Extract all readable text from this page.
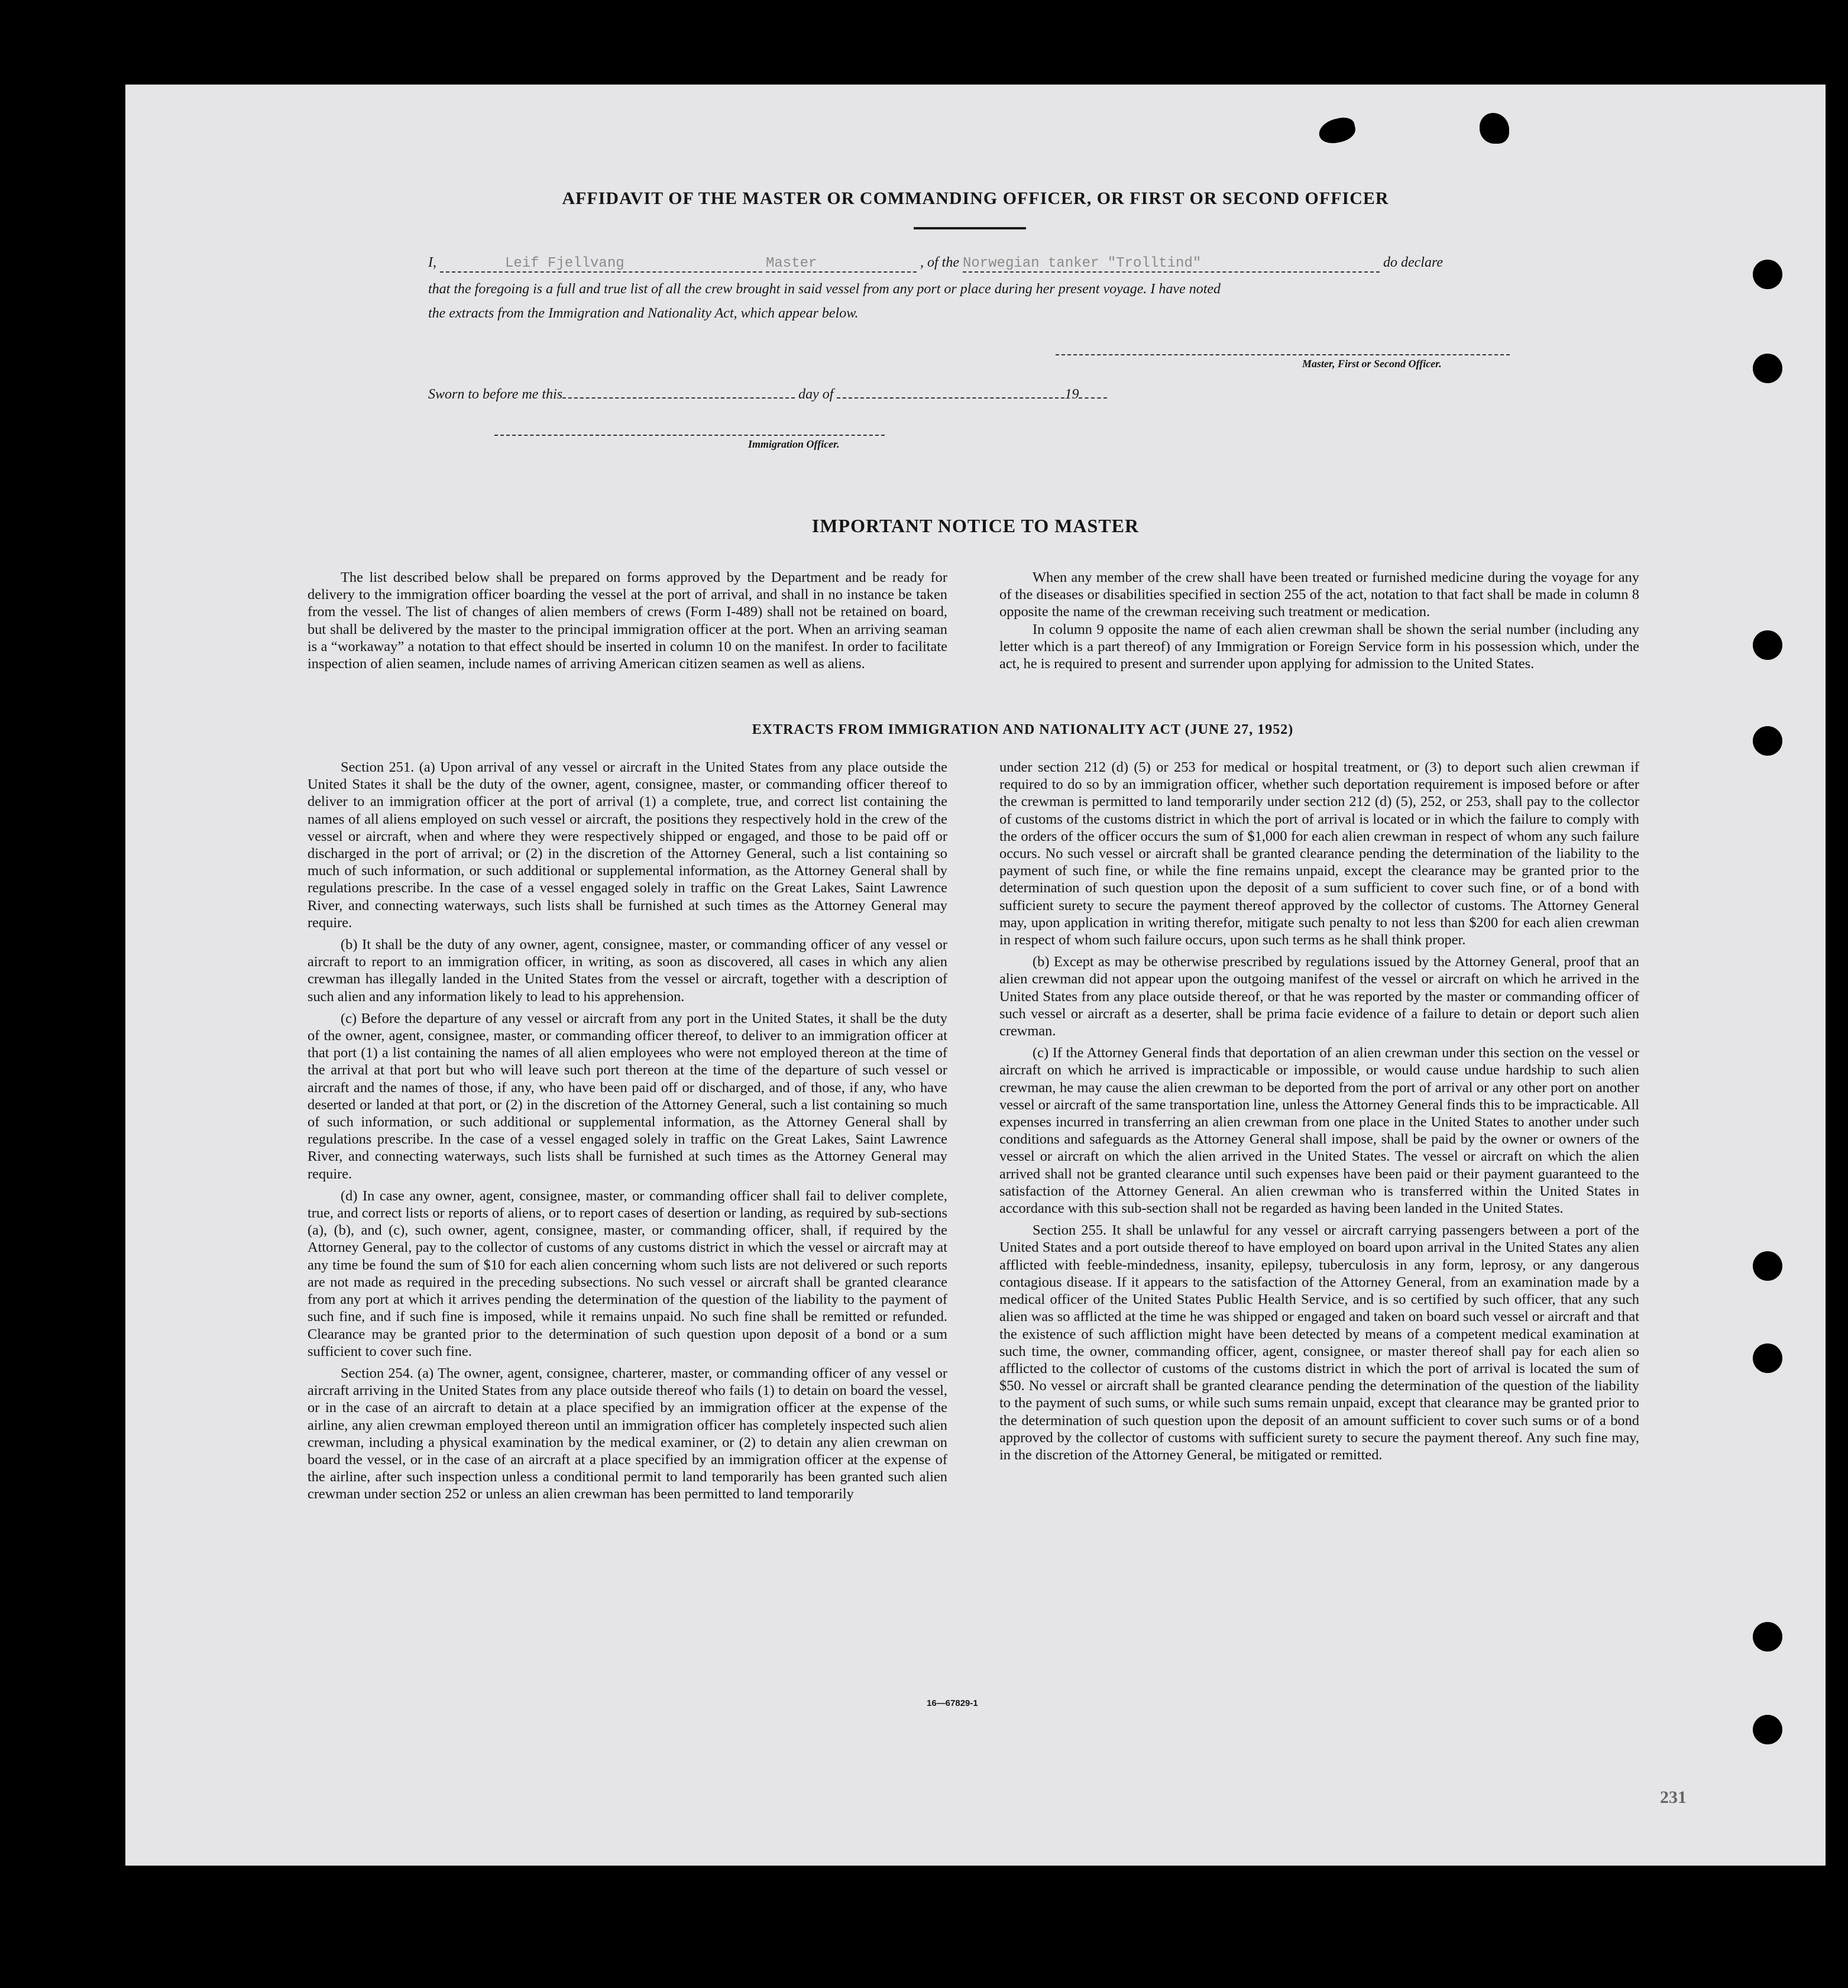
AFFIDAVIT OF THE MASTER OR COMMANDING OFFICER, OR FIRST OR SECOND OFFICER
I,	Leif Fjellvang	Master	, of the Norwegian tanker "Trolltind"	do declare
that the foregoing is a full and true list of all the crew brought in said vessel from any port or place during her present voyage. I have noted
the extracts from the Immigration and Nationality Act, which appear below.
Master, First or Second Officer.
Sworn to before me this	day of	19
Immigration Officer.
IMPORTANT NOTICE TO MASTER

The list described below shall be prepared on forms approved by the Department and be ready for delivery to the immigration officer boarding the vessel at the port of arrival, and shall in no instance be taken from the vessel. The list of changes of alien members of crews (Form I-489) shall not be retained on board, but shall be delivered by the master to the principal immigration officer at the port. When an arriving seaman is a “workaway” a notation to that effect should be inserted in column 10 on the manifest. In order to facilitate inspection of alien seamen, include names of arriving American citizen seamen as well as aliens.

When any member of the crew shall have been treated or furnished medicine during the voyage for any of the diseases or disabilities specified in section 255 of the act, notation to that fact shall be made in column 8 opposite the name of the crewman receiving such treatment or medication.

In column 9 opposite the name of each alien crewman shall be shown the serial number (including any letter which is a part thereof) of any Immigration or Foreign Service form in his possession which, under the act, he is required to present and surrender upon applying for admission to the United States.

EXTRACTS FROM IMMIGRATION AND NATIONALITY ACT (JUNE 27, 1952)

Section 251. (a) Upon arrival of any vessel or aircraft in the United States from any place outside the United States it shall be the duty of the owner, agent, consignee, master, or commanding officer thereof to deliver to an immigration officer at the port of arrival (1) a complete, true, and correct list containing the names of all aliens employed on such vessel or aircraft, the positions they respectively hold in the crew of the vessel or aircraft, when and where they were respectively shipped or engaged, and those to be paid off or discharged in the port of arrival; or (2) in the discretion of the Attorney General, such a list containing so much of such information, or such additional or supplemental information, as the Attorney General shall by regulations prescribe. In the case of a vessel engaged solely in traffic on the Great Lakes, Saint Lawrence River, and connecting waterways, such lists shall be furnished at such times as the Attorney General may require.

(b) It shall be the duty of any owner, agent, consignee, master, or commanding officer of any vessel or aircraft to report to an immigration officer, in writing, as soon as discovered, all cases in which any alien crewman has illegally landed in the United States from the vessel or aircraft, together with a description of such alien and any information likely to lead to his apprehension.

(c) Before the departure of any vessel or aircraft from any port in the United States, it shall be the duty of the owner, agent, consignee, master, or commanding officer thereof, to deliver to an immigration officer at that port (1) a list containing the names of all alien employees who were not employed thereon at the time of the arrival at that port but who will leave such port thereon at the time of the departure of such vessel or aircraft and the names of those, if any, who have been paid off or discharged, and of those, if any, who have deserted or landed at that port, or (2) in the discretion of the Attorney General, such a list containing so much of such information, or such additional or supplemental information, as the Attorney General shall by regulations prescribe. In the case of a vessel engaged solely in traffic on the Great Lakes, Saint Lawrence River, and connecting waterways, such lists shall be furnished at such times as the Attorney General may require.

(d) In case any owner, agent, consignee, master, or commanding officer shall fail to deliver complete, true, and correct lists or reports of aliens, or to report cases of desertion or landing, as required by sub-sections (a), (b), and (c), such owner, agent, consignee, master, or commanding officer, shall, if required by the Attorney General, pay to the collector of customs of any customs district in which the vessel or aircraft may at any time be found the sum of $10 for each alien concerning whom such lists are not delivered or such reports are not made as required in the preceding subsections. No such vessel or aircraft shall be granted clearance from any port at which it arrives pending the determination of the question of the liability to the payment of such fine, and if such fine is imposed, while it remains unpaid. No such fine shall be remitted or refunded. Clearance may be granted prior to the determination of such question upon deposit of a bond or a sum sufficient to cover such fine.

Section 254. (a) The owner, agent, consignee, charterer, master, or commanding officer of any vessel or aircraft arriving in the United States from any place outside thereof who fails (1) to detain on board the vessel, or in the case of an aircraft to detain at a place specified by an immigration officer at the expense of the airline, any alien crewman employed thereon until an immigration officer has completely inspected such alien crewman, including a physical examination by the medical examiner, or (2) to detain any alien crewman on board the vessel, or in the case of an aircraft at a place specified by an immigration officer at the expense of the airline, after such inspection unless a conditional permit to land temporarily has been granted such alien crewman under section 252 or unless an alien crewman has been permitted to land temporarily

under section 212 (d) (5) or 253 for medical or hospital treatment, or (3) to deport such alien crewman if required to do so by an immigration officer, whether such deportation requirement is imposed before or after the crewman is permitted to land temporarily under section 212 (d) (5), 252, or 253, shall pay to the collector of customs of the customs district in which the port of arrival is located or in which the failure to comply with the orders of the officer occurs the sum of $1,000 for each alien crewman in respect of whom any such failure occurs. No such vessel or aircraft shall be granted clearance pending the determination of the liability to the payment of such fine, or while the fine remains unpaid, except the clearance may be granted prior to the determination of such question upon the deposit of a sum sufficient to cover such fine, or of a bond with sufficient surety to secure the payment thereof approved by the collector of customs. The Attorney General may, upon application in writing therefor, mitigate such penalty to not less than $200 for each alien crewman in respect of whom such failure occurs, upon such terms as he shall think proper.

(b) Except as may be otherwise prescribed by regulations issued by the Attorney General, proof that an alien crewman did not appear upon the outgoing manifest of the vessel or aircraft on which he arrived in the United States from any place outside thereof, or that he was reported by the master or commanding officer of such vessel or aircraft as a deserter, shall be prima facie evidence of a failure to detain or deport such alien crewman.

(c) If the Attorney General finds that deportation of an alien crewman under this section on the vessel or aircraft on which he arrived is impracticable or impossible, or would cause undue hardship to such alien crewman, he may cause the alien crewman to be deported from the port of arrival or any other port on another vessel or aircraft of the same transportation line, unless the Attorney General finds this to be impracticable. All expenses incurred in transferring an alien crewman from one place in the United States to another under such conditions and safeguards as the Attorney General shall impose, shall be paid by the owner or owners of the vessel or aircraft on which the alien arrived in the United States. The vessel or aircraft on which the alien arrived shall not be granted clearance until such expenses have been paid or their payment guaranteed to the satisfaction of the Attorney General. An alien crewman who is transferred within the United States in accordance with this sub-section shall not be regarded as having been landed in the United States.

Section 255. It shall be unlawful for any vessel or aircraft carrying passengers between a port of the United States and a port outside thereof to have employed on board upon arrival in the United States any alien afflicted with feeble-mindedness, insanity, epilepsy, tuberculosis in any form, leprosy, or any dangerous contagious disease. If it appears to the satisfaction of the Attorney General, from an examination made by a medical officer of the United States Public Health Service, and is so certified by such officer, that any such alien was so afflicted at the time he was shipped or engaged and taken on board such vessel or aircraft and that the existence of such affliction might have been detected by means of a competent medical examination at such time, the owner, commanding officer, agent, consignee, or master thereof shall pay for each alien so afflicted to the collector of customs of the customs district in which the port of arrival is located the sum of $50. No vessel or aircraft shall be granted clearance pending the determination of the question of the liability to the payment of such sums, or while such sums remain unpaid, except that clearance may be granted prior to the determination of such question upon the deposit of an amount sufficient to cover such sums or of a bond approved by the collector of customs with sufficient surety to secure the payment thereof. Any such fine may, in the discretion of the Attorney General, be mitigated or remitted.

16—67829-1
231
